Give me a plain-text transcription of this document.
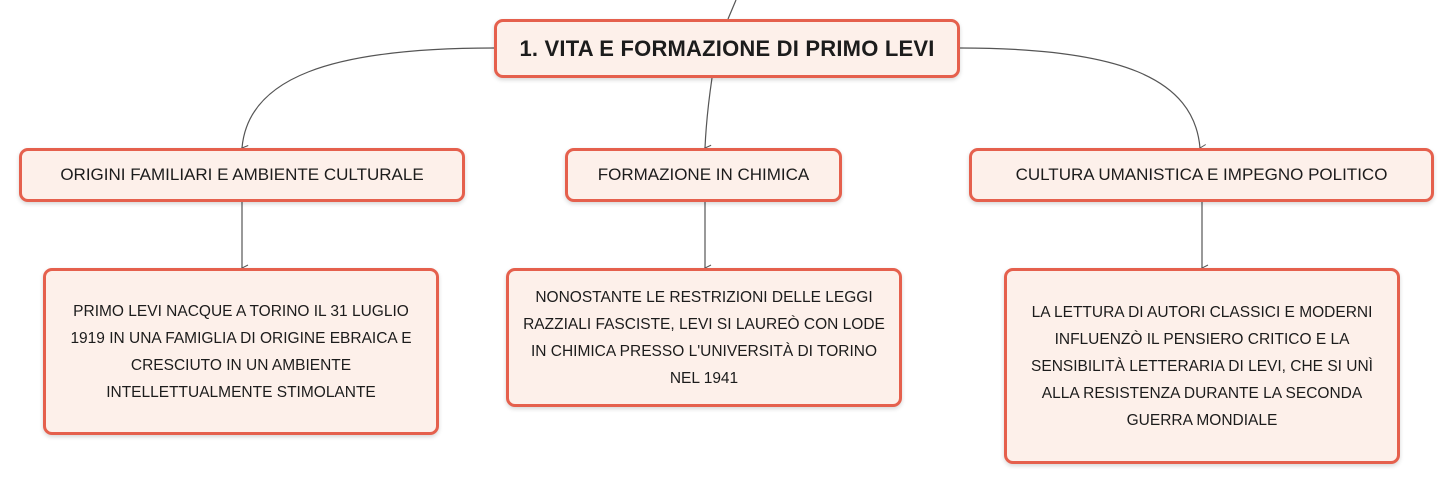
1. VITA E FORMAZIONE DI PRIMO LEVI
ORIGINI FAMILIARI E AMBIENTE CULTURALE	FORMAZIONE IN CHIMICA	CULTURA UMANISTICA E IMPEGNO POLITICO
PRIMO LEVI NACQUE A TORINO IL 31 LUGLIO 1919 IN UNA FAMIGLIA DI ORIGINE EBRAICA E CRESCIUTO IN UN AMBIENTE INTELLETTUALMENTE STIMOLANTE
NONOSTANTE LE RESTRIZIONI DELLE LEGGI RAZZIALI FASCISTE, LEVI SI LAUREÒ CON LODE IN CHIMICA PRESSO L'UNIVERSITÀ DI TORINO NEL 1941
LA LETTURA DI AUTORI CLASSICI E MODERNI INFLUENZÒ IL PENSIERO CRITICO E LA SENSIBILITÀ LETTERARIA DI LEVI, CHE SI UNÌ ALLA RESISTENZA DURANTE LA SECONDA GUERRA MONDIALE
